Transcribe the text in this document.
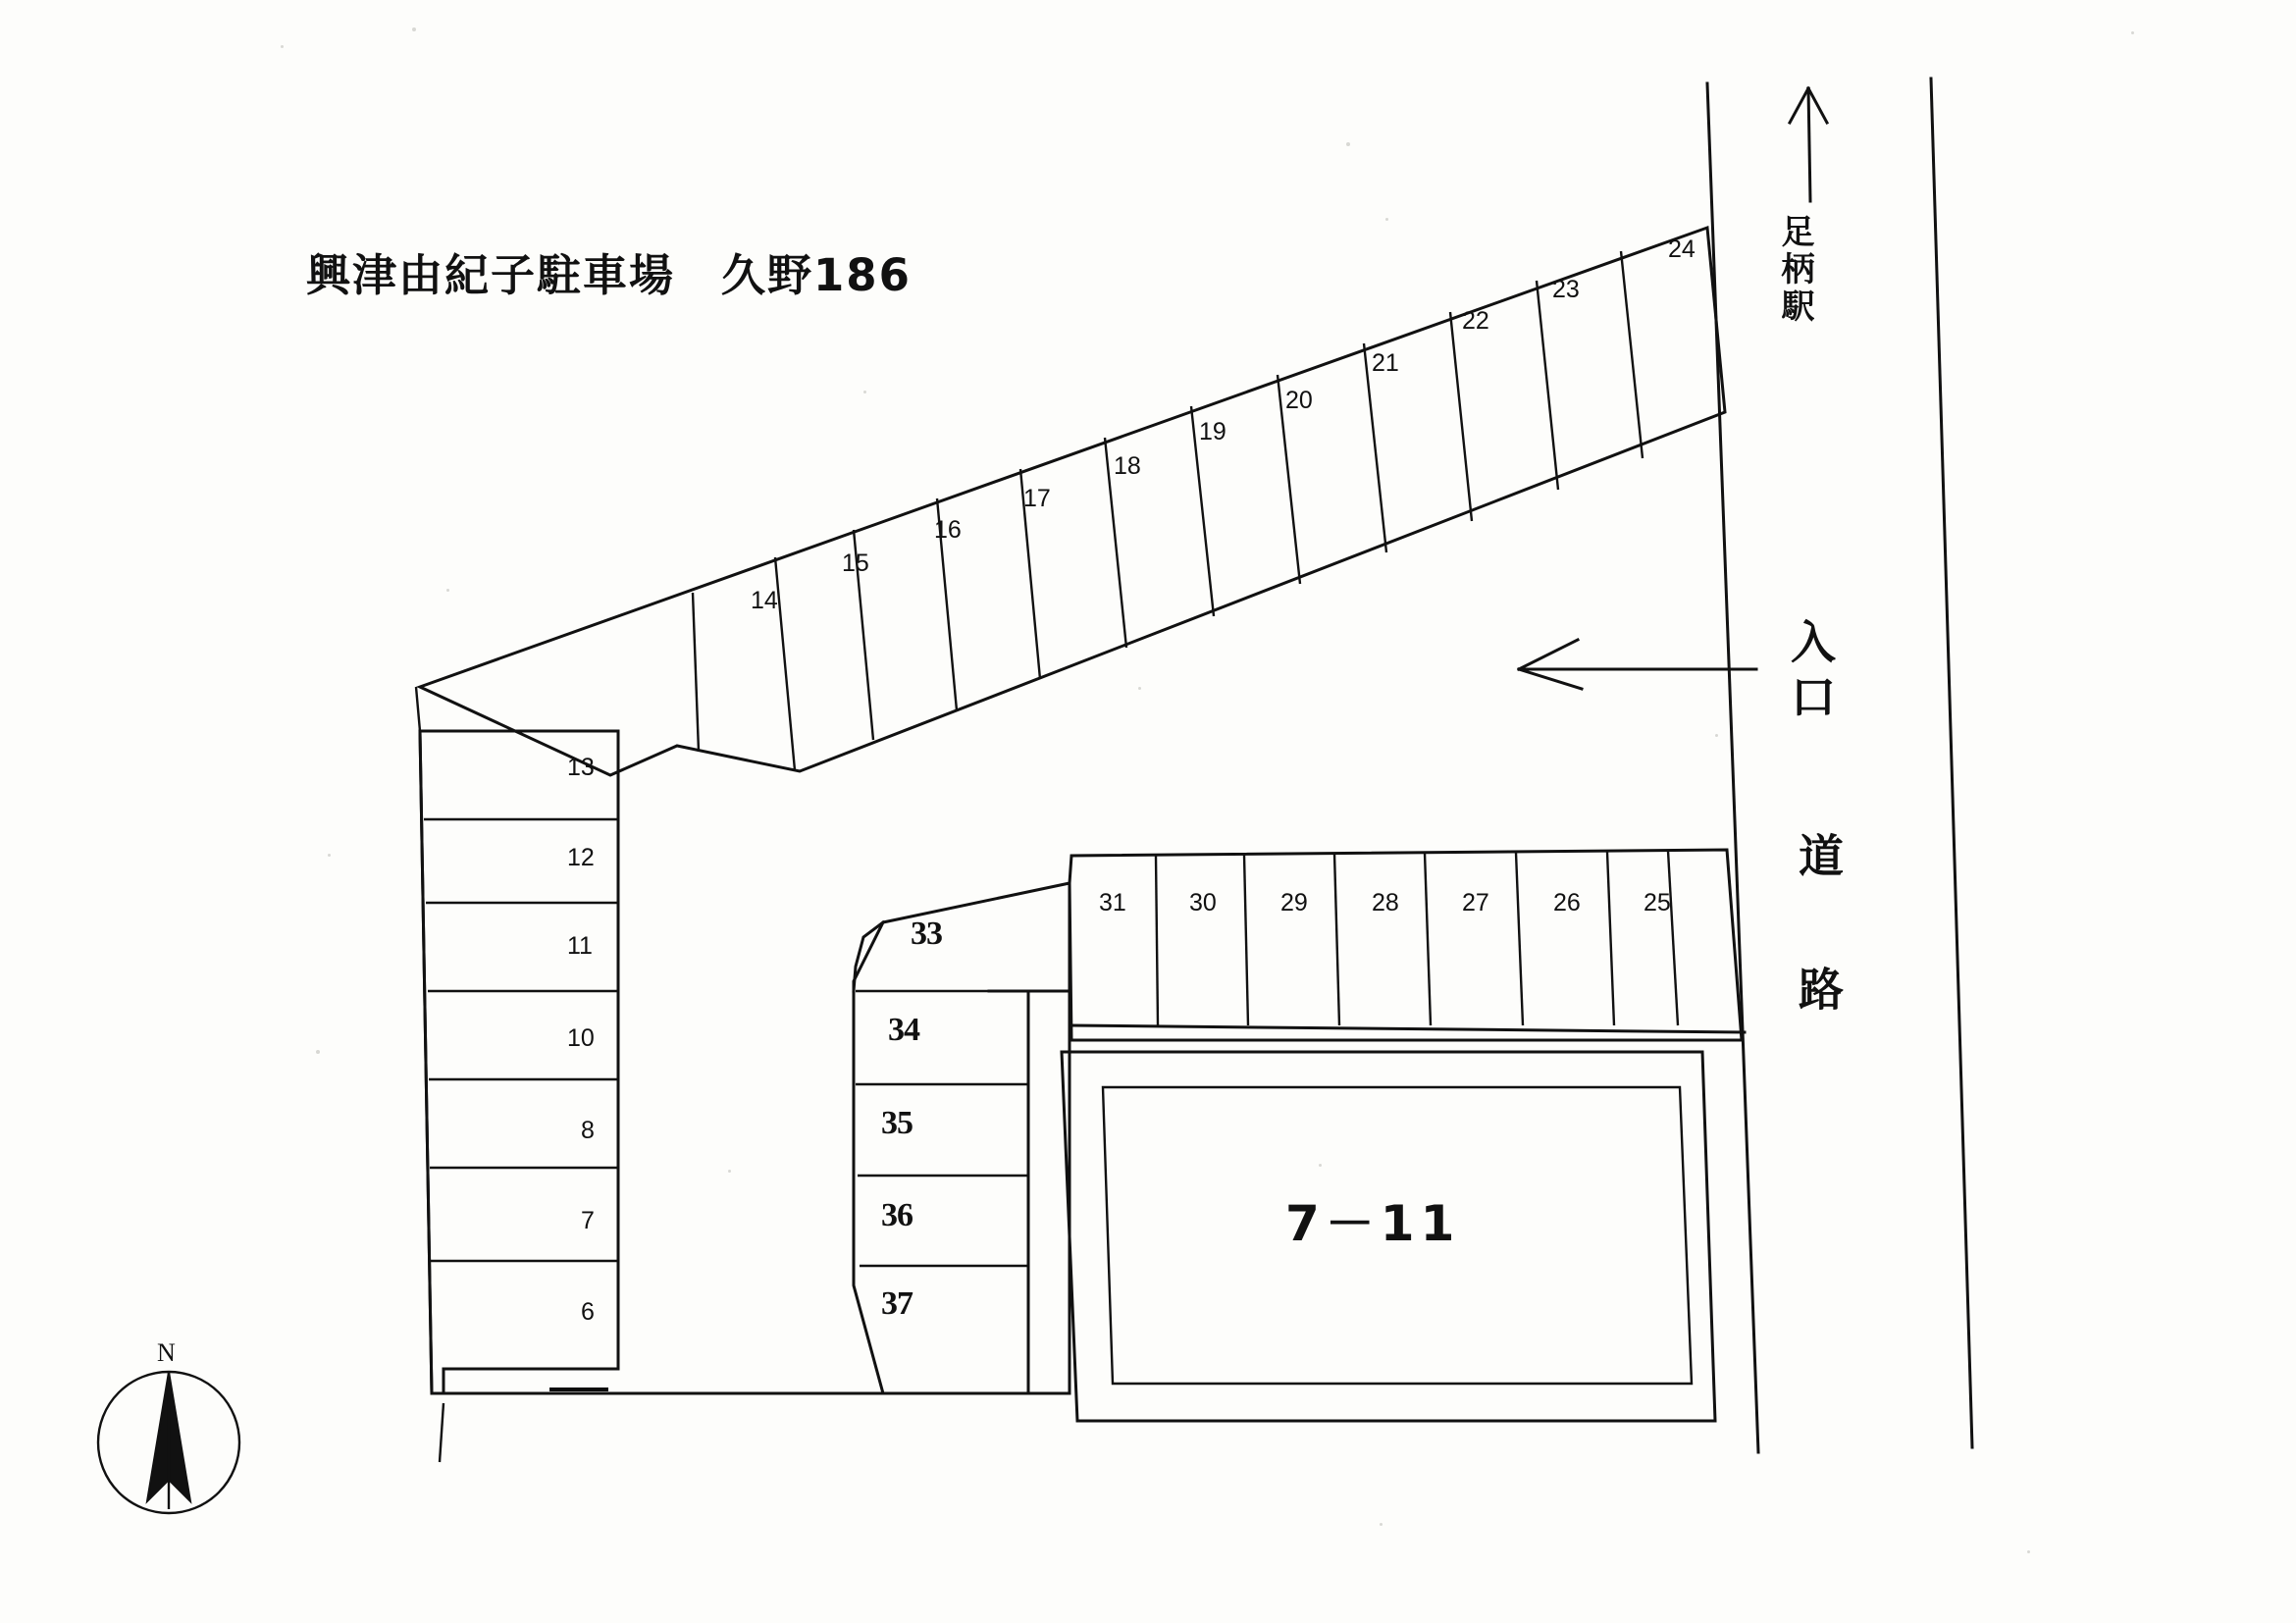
興津由紀子駐車場　久野186
14
15
16
17
18
19
20
21
22
23
24
13
12
11
10
8
7
6
31	30	29	28	27	26	25
33
34
35
36
37
足柄駅
入口
道 路
7－11
N
